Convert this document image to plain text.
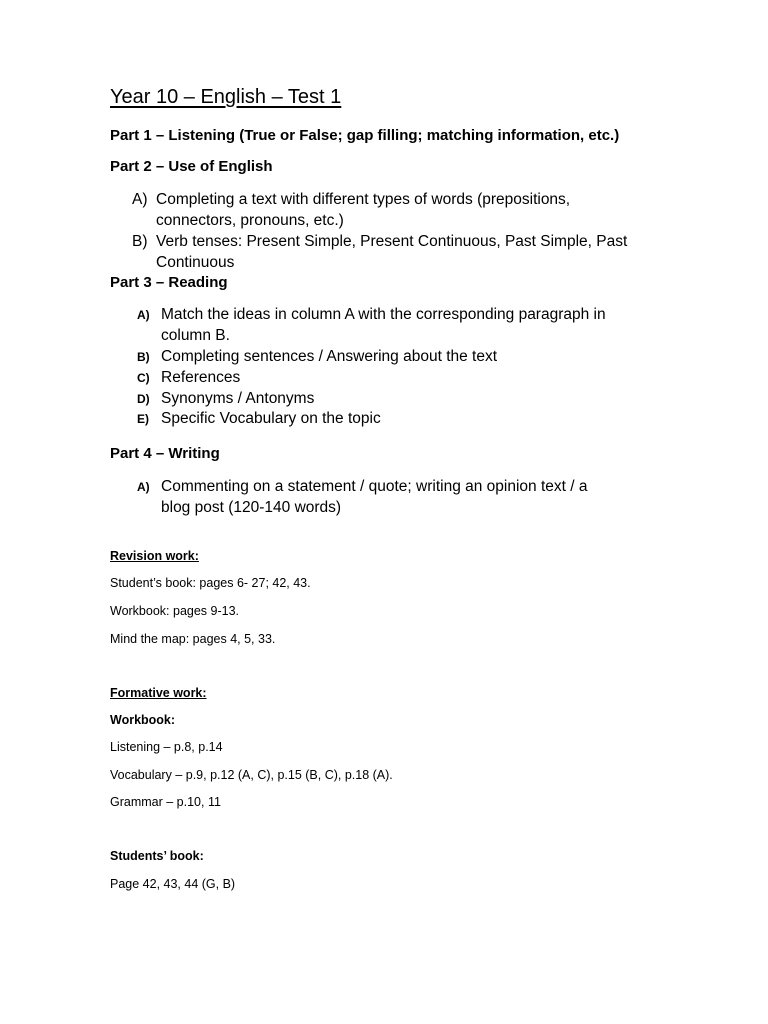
Year 10 – English – Test 1
Part 1 – Listening (True or False; gap filling; matching information, etc.)
Part 2 – Use of English
A) Completing a text with different types of words (prepositions,
connectors, pronouns, etc.)
B) Verb tenses: Present Simple, Present Continuous, Past Simple, Past
Continuous
Part 3 – Reading
A) Match the ideas in column A with the corresponding paragraph in
column B.
B) Completing sentences / Answering about the text
C) References
D) Synonyms / Antonyms
E) Specific Vocabulary on the topic
Part 4 – Writing
A) Commenting on a statement / quote; writing an opinion text / a
blog post (120-140 words)
Revision work:
Student’s book: pages 6- 27; 42, 43.
Workbook: pages 9-13.
Mind the map: pages 4, 5, 33.
Formative work:
Workbook:
Listening – p.8, p.14
Vocabulary – p.9, p.12 (A, C), p.15 (B, C), p.18 (A).
Grammar – p.10, 11
Students’ book:
Page 42, 43, 44 (G, B)
